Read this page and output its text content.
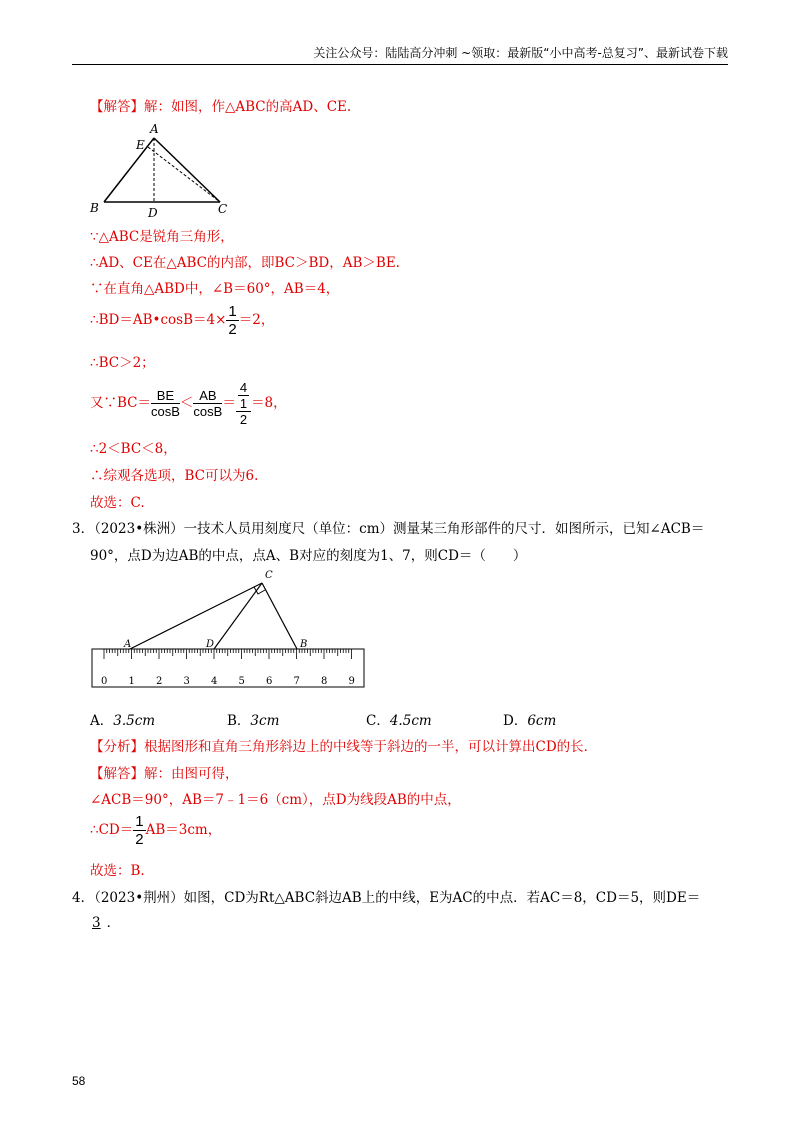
关注公众号：陆陆高分冲刺 ~领取：最新版“小中高考-总复习”、最新试卷下载
【解答】解：如图，作△ABC的高AD、CE.
A
E
B	D	C
∵△ABC是锐角三角形，
∴AD、CE在△ABC的内部，即BC＞BD，AB＞BE.
∵在直角△ABD中，∠B＝60°，AB＝4，
∴BD＝AB•cosB＝4× $\frac{1}{2} =2$，
∴BC＞2；
又∵BC＝ $\frac{BE}{\cos B} < \frac{AB}{\cos B} = \frac{\frac{4}{1}}{2} =8$，
∴2＜BC＜8，
∴综观各选项，BC可以为6.
故选：C.
3．（2023•株洲）一技术人员用刻度尺（单位：cm）测量某三角形部件的尺寸．如图所示，已知∠ACB＝
90°，点D为边AB的中点，点A、B对应的刻度为1、7，则CD＝（　　）
C
A	D	B
0 1 2 3 4 5 6 7 8 9
A．3.5cm	B．3cm	C．4.5cm	D．6cm
【分析】根据图形和直角三角形斜边上的中线等于斜边的一半，可以计算出CD的长．
【解答】解：由图可得，
∠ACB＝90°，AB＝7﹣1＝6（cm），点D为线段AB的中点，
∴CD＝ $\frac{1}{2} AB=3cm$，
故选：B.
4．（2023•荆州）如图，CD为Rt△ABC斜边AB上的中线，E为AC的中点．若AC＝8，CD＝5，则DE＝
3 ．
58
